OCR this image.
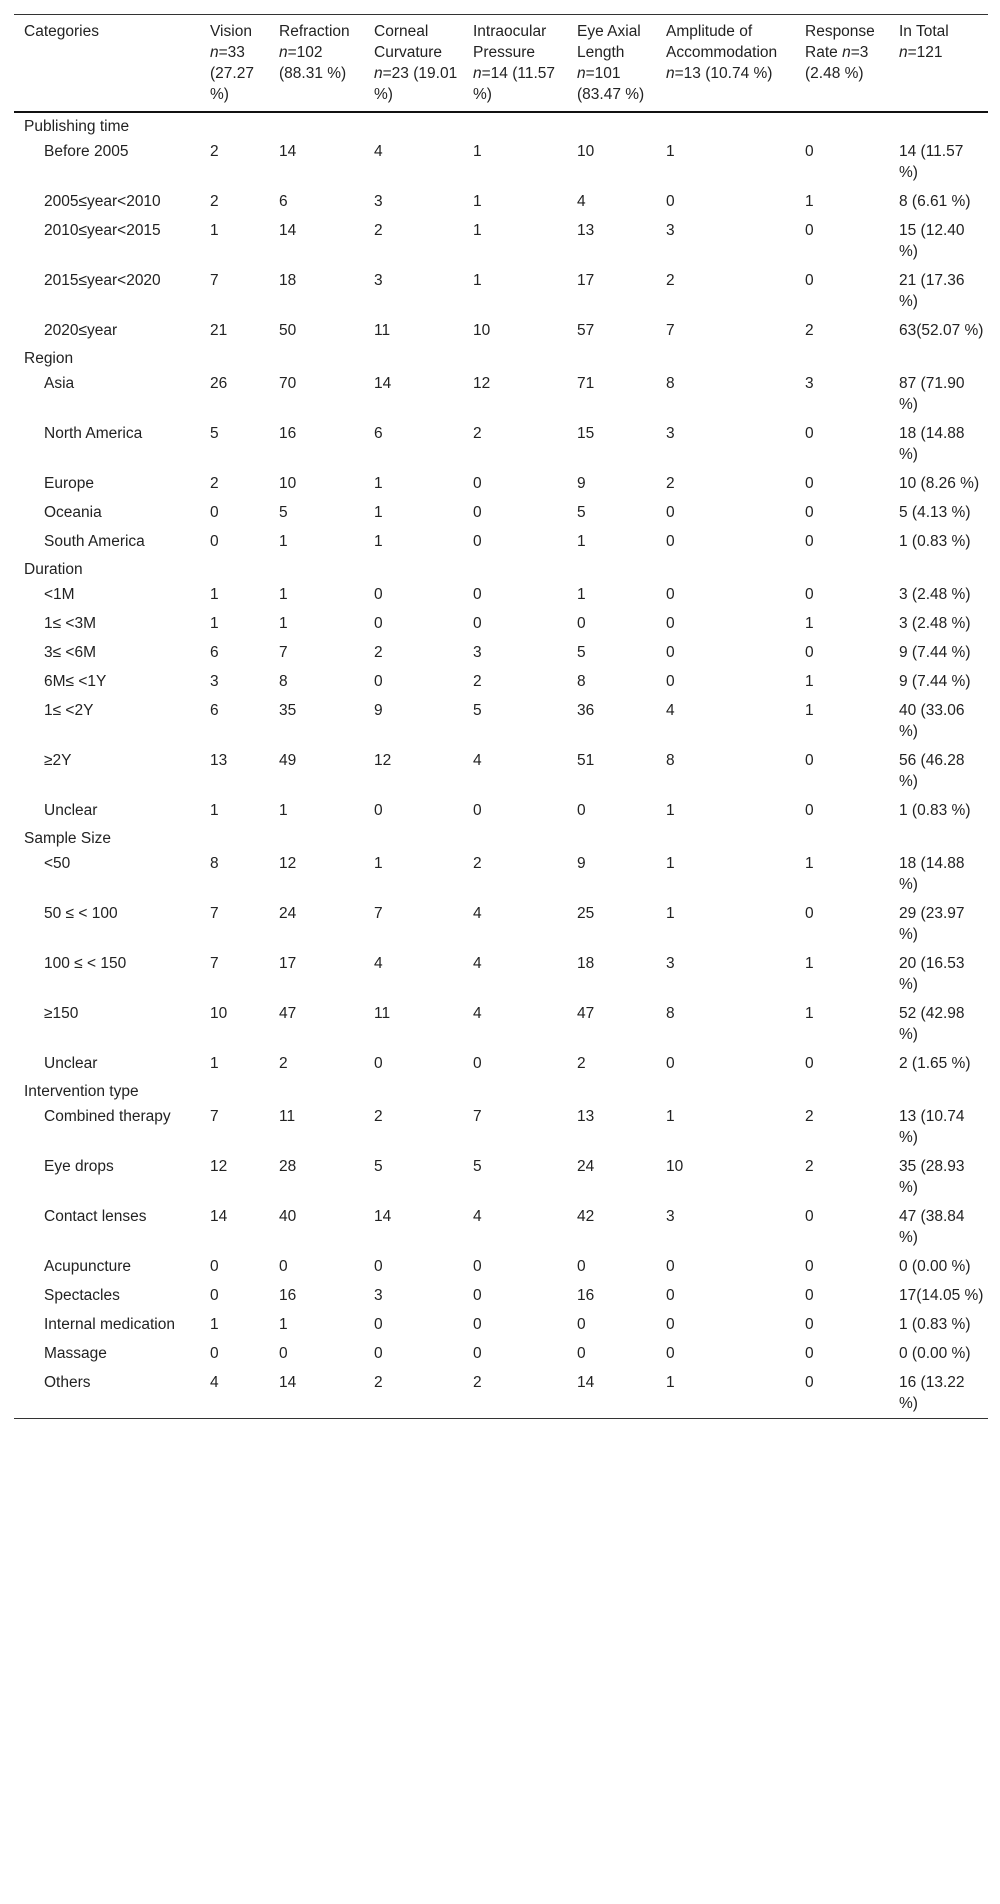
Categories	Vision n=33 (27.27 %)	Refraction n=102 (88.31 %)	Corneal Curvature n=23 (19.01 %)	Intraocular Pressure n=14 (11.57 %)	Eye Axial Length n=101 (83.47 %)	Amplitude of Accommodation n=13 (10.74 %)	Response Rate n=3 (2.48 %)	In Total n=121
Publishing time								
Before 2005	2	14	4	1	10	1	0	14 (11.57 %)
2005≤year<2010	2	6	3	1	4	0	1	8 (6.61 %)
2010≤year<2015	1	14	2	1	13	3	0	15 (12.40 %)
2015≤year<2020	7	18	3	1	17	2	0	21 (17.36 %)
2020≤year	21	50	11	10	57	7	2	63(52.07 %)
Region								
Asia	26	70	14	12	71	8	3	87 (71.90 %)
North America	5	16	6	2	15	3	0	18 (14.88 %)
Europe	2	10	1	0	9	2	0	10 (8.26 %)
Oceania	0	5	1	0	5	0	0	5 (4.13 %)
South America	0	1	1	0	1	0	0	1 (0.83 %)
Duration								
<1M	1	1	0	0	1	0	0	3 (2.48 %)
1≤ <3M	1	1	0	0	0	0	1	3 (2.48 %)
3≤ <6M	6	7	2	3	5	0	0	9 (7.44 %)
6M≤ <1Y	3	8	0	2	8	0	1	9 (7.44 %)
1≤ <2Y	6	35	9	5	36	4	1	40 (33.06 %)
≥2Y	13	49	12	4	51	8	0	56 (46.28 %)
Unclear	1	1	0	0	0	1	0	1 (0.83 %)
Sample Size								
<50	8	12	1	2	9	1	1	18 (14.88 %)
50 ≤ < 100	7	24	7	4	25	1	0	29 (23.97 %)
100 ≤ < 150	7	17	4	4	18	3	1	20 (16.53 %)
≥150	10	47	11	4	47	8	1	52 (42.98 %)
Unclear	1	2	0	0	2	0	0	2 (1.65 %)
Intervention type								
Combined therapy	7	11	2	7	13	1	2	13 (10.74 %)
Eye drops	12	28	5	5	24	10	2	35 (28.93 %)
Contact lenses	14	40	14	4	42	3	0	47 (38.84 %)
Acupuncture	0	0	0	0	0	0	0	0 (0.00 %)
Spectacles	0	16	3	0	16	0	0	17(14.05 %)
Internal medication	1	1	0	0	0	0	0	1 (0.83 %)
Massage	0	0	0	0	0	0	0	0 (0.00 %)
Others	4	14	2	2	14	1	0	16 (13.22 %)
